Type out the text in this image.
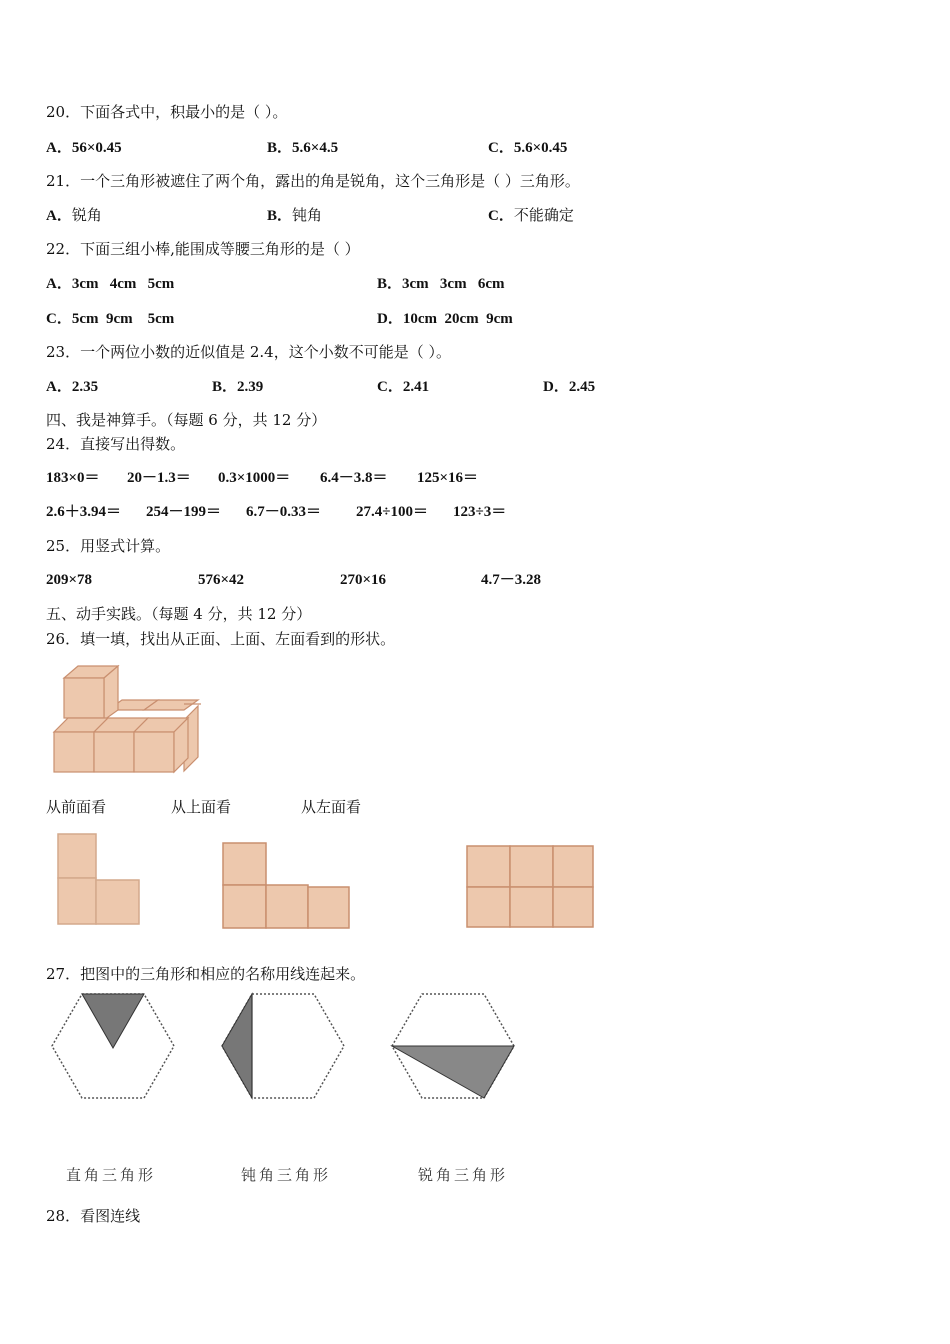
20．下面各式中，积最小的是（ ）。
A．56×0.45	B．5.6×4.5	C．5.6×0.45
21．一个三角形被遮住了两个角，露出的角是锐角，这个三角形是（ ）三角形。
A．锐角	B．钝角	C．不能确定
22．下面三组小棒,能围成等腰三角形的是（ ）
A．3cm   4cm   5cm	B．3cm   3cm   6cm
C．5cm  9cm    5cm	D．10cm  20cm  9cm
23．一个两位小数的近似值是 2.4，这个小数不可能是（ ）。
A．2.35	B．2.39	C．2.41	D．2.45
四、我是神算手。（每题 6 分，共 12 分）
24．直接写出得数。
183×0＝ 20－1.3＝ 0.3×1000＝ 6.4－3.8＝ 125×16＝
2.6＋3.94＝ 254－199＝ 6.7－0.33＝ 27.4÷100＝ 123÷3＝
25．用竖式计算。
209×78	576×42	270×16	4.7－3.28
五、动手实践。（每题 4 分，共 12 分）
26．填一填，找出从正面、上面、左面看到的形状。
从前面看	从上面看	从左面看
27．把图中的三角形和相应的名称用线连起来。
直角三角形	钝角三角形	锐角三角形
28．看图连线
